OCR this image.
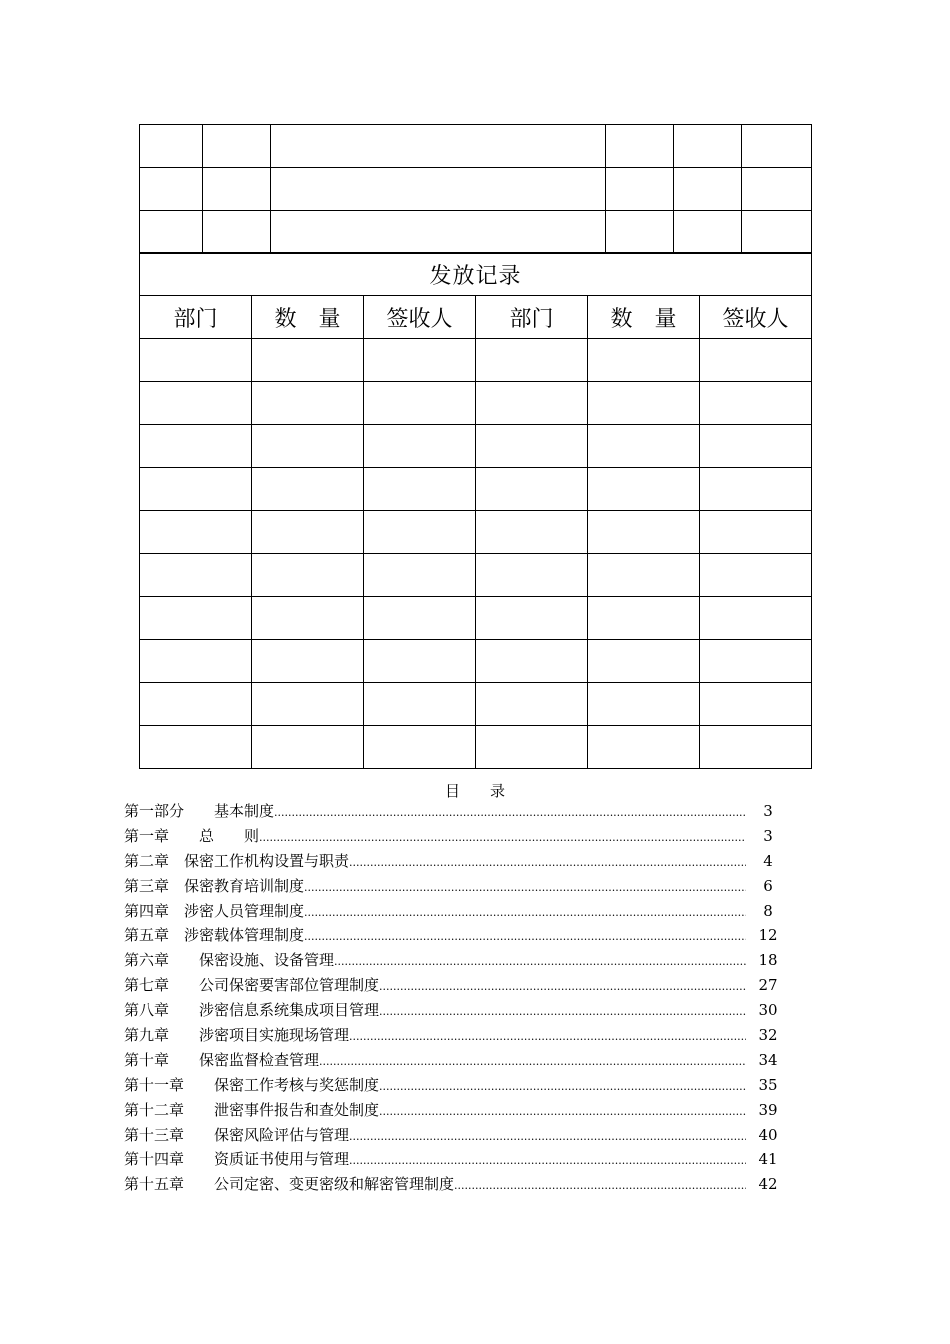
发放记录					
部门	数　量	签收人	部门	数　量	签收人

目　　录
第一部分　　基本制度 .....	3
第一章　　总　　则 .....	3
第二章　保密工作机构设置与职责 .....	4
第三章　保密教育培训制度 .....	6
第四章　涉密人员管理制度 .....	8
第五章　涉密载体管理制度 .....	12
第六章　　保密设施、设备管理 .....	18
第七章　　公司保密要害部位管理制度 .....	27
第八章　　涉密信息系统集成项目管理 .....	30
第九章　　涉密项目实施现场管理 .....	32
第十章　　保密监督检查管理 .....	34
第十一章　　保密工作考核与奖惩制度 .....	35
第十二章　　泄密事件报告和查处制度 .....	39
第十三章　　保密风险评估与管理 .....	40
第十四章　　资质证书使用与管理 .....	41
第十五章　　公司定密、变更密级和解密管理制度 .....	42
